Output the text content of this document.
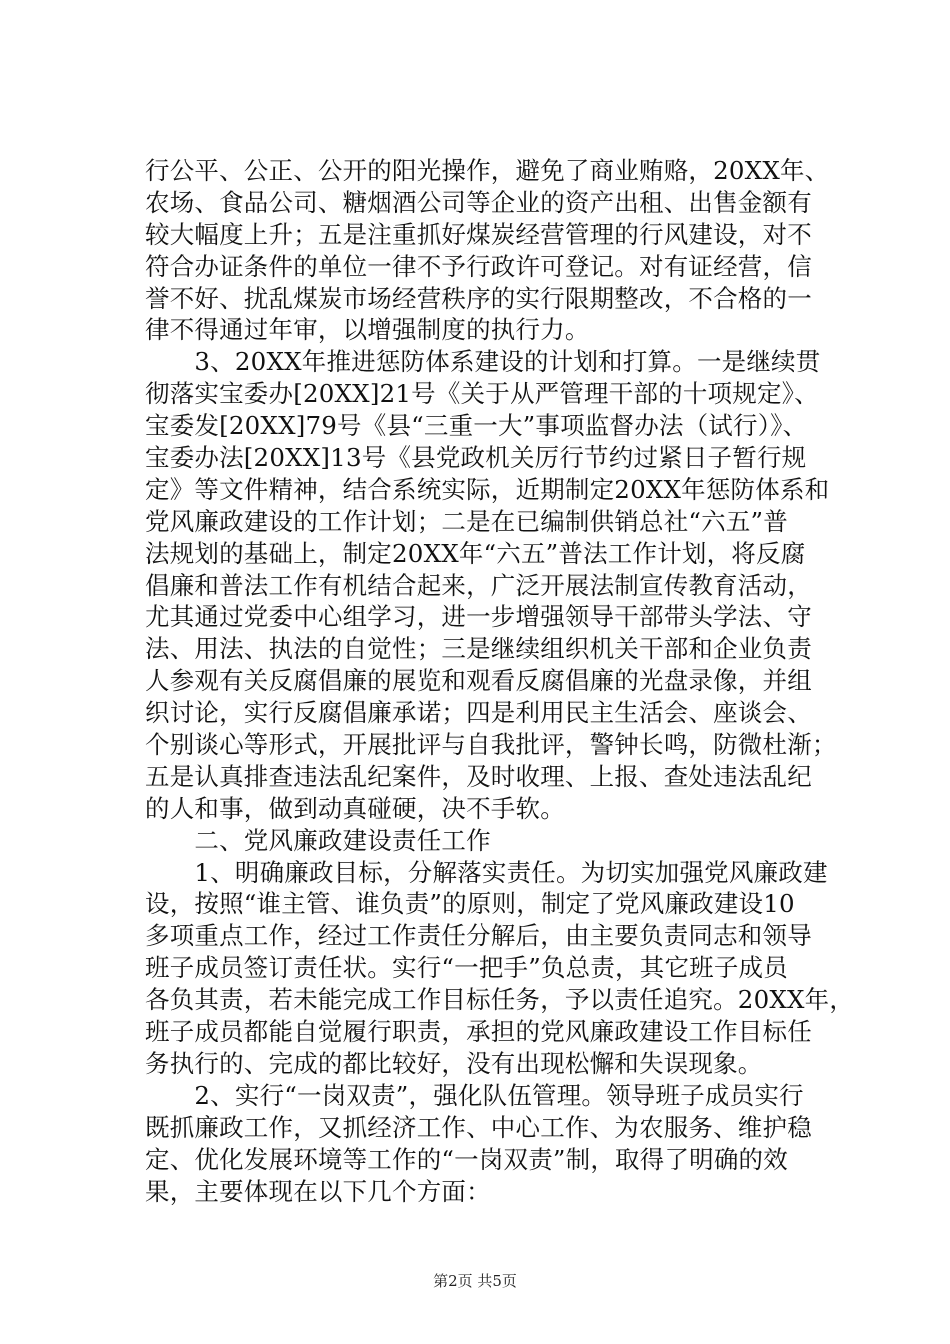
行公平、公正、公开的阳光操作，避免了商业贿赂，20XX年、
农场、食品公司、糖烟酒公司等企业的资产出租、出售金额有
较大幅度上升；五是注重抓好煤炭经营管理的行风建设，对不
符合办证条件的单位一律不予行政许可登记。对有证经营，信
誉不好、扰乱煤炭市场经营秩序的实行限期整改，不合格的一
律不得通过年审，以增强制度的执行力。
　　3、20XX年推进惩防体系建设的计划和打算。一是继续贯
彻落实宝委办[20XX]21号《关于从严管理干部的十项规定》、
宝委发[20XX]79号《县“三重一大”事项监督办法（试行）》、
宝委办法[20XX]13号《县党政机关厉行节约过紧日子暂行规
定》等文件精神，结合系统实际，近期制定20XX年惩防体系和
党风廉政建设的工作计划；二是在已编制供销总社“六五”普
法规划的基础上，制定20XX年“六五”普法工作计划，将反腐
倡廉和普法工作有机结合起来，广泛开展法制宣传教育活动，
尤其通过党委中心组学习，进一步增强领导干部带头学法、守
法、用法、执法的自觉性；三是继续组织机关干部和企业负责
人参观有关反腐倡廉的展览和观看反腐倡廉的光盘录像，并组
织讨论，实行反腐倡廉承诺；四是利用民主生活会、座谈会、
个别谈心等形式，开展批评与自我批评，警钟长鸣，防微杜渐；
五是认真排查违法乱纪案件，及时收理、上报、查处违法乱纪
的人和事，做到动真碰硬，决不手软。
　　二、党风廉政建设责任工作
　　1、明确廉政目标，分解落实责任。为切实加强党风廉政建
设，按照“谁主管、谁负责”的原则，制定了党风廉政建设10
多项重点工作，经过工作责任分解后，由主要负责同志和领导
班子成员签订责任状。实行“一把手”负总责，其它班子成员
各负其责，若未能完成工作目标任务，予以责任追究。20XX年，
班子成员都能自觉履行职责，承担的党风廉政建设工作目标任
务执行的、完成的都比较好，没有出现松懈和失误现象。
　　2、实行“一岗双责”，强化队伍管理。领导班子成员实行
既抓廉政工作，又抓经济工作、中心工作、为农服务、维护稳
定、优化发展环境等工作的“一岗双责”制，取得了明确的效
果，主要体现在以下几个方面：
第2页 共5页
